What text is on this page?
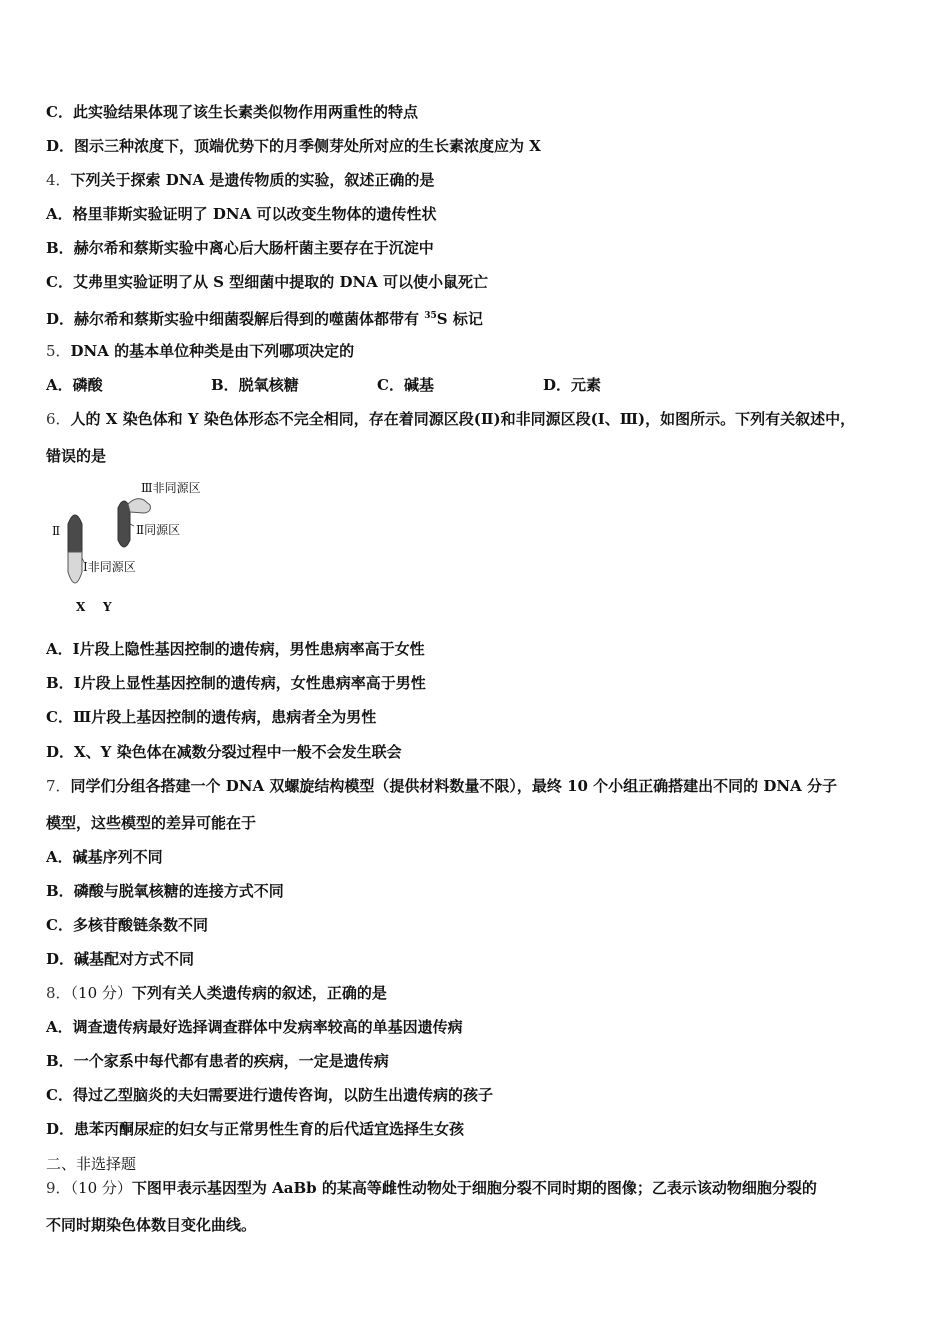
C．此实验结果体现了该生长素类似物作用两重性的特点
D．图示三种浓度下，顶端优势下的月季侧芽处所对应的生长素浓度应为 X
4．下列关于探索 DNA 是遗传物质的实验，叙述正确的是
A．格里菲斯实验证明了 DNA 可以改变生物体的遗传性状
B．赫尔希和蔡斯实验中离心后大肠杆菌主要存在于沉淀中
C．艾弗里实验证明了从 S 型细菌中提取的 DNA 可以使小鼠死亡
D．赫尔希和蔡斯实验中细菌裂解后得到的噬菌体都带有 $^{35}$S 标记
5．DNA 的基本单位种类是由下列哪项决定的
A．磷酸	B．脱氧核糖	C．碱基	D．元素
6．人的 X 染色体和 Y 染色体形态不完全相同，存在着同源区段(Ⅱ)和非同源区段(Ⅰ、Ⅲ)，如图所示。下列有关叙述中，
错误的是
Ⅲ非同源区
Ⅱ同源区
Ⅱ
Ⅰ非同源区
X Y
A．Ⅰ片段上隐性基因控制的遗传病，男性患病率高于女性
B．Ⅰ片段上显性基因控制的遗传病，女性患病率高于男性
C．Ⅲ片段上基因控制的遗传病，患病者全为男性
D．X、Y 染色体在减数分裂过程中一般不会发生联会
7．同学们分组各搭建一个 DNA 双螺旋结构模型（提供材料数量不限），最终 10 个小组正确搭建出不同的 DNA 分子
模型，这些模型的差异可能在于
A．碱基序列不同
B．磷酸与脱氧核糖的连接方式不同
C．多核苷酸链条数不同
D．碱基配对方式不同
8．（10 分）下列有关人类遗传病的叙述，正确的是
A．调查遗传病最好选择调查群体中发病率较高的单基因遗传病
B．一个家系中每代都有患者的疾病，一定是遗传病
C．得过乙型脑炎的夫妇需要进行遗传咨询，以防生出遗传病的孩子
D．患苯丙酮尿症的妇女与正常男性生育的后代适宜选择生女孩
二、非选择题
9．（10 分）下图甲表示基因型为 AaBb 的某高等雌性动物处于细胞分裂不同时期的图像；乙表示该动物细胞分裂的
不同时期染色体数目变化曲线。
